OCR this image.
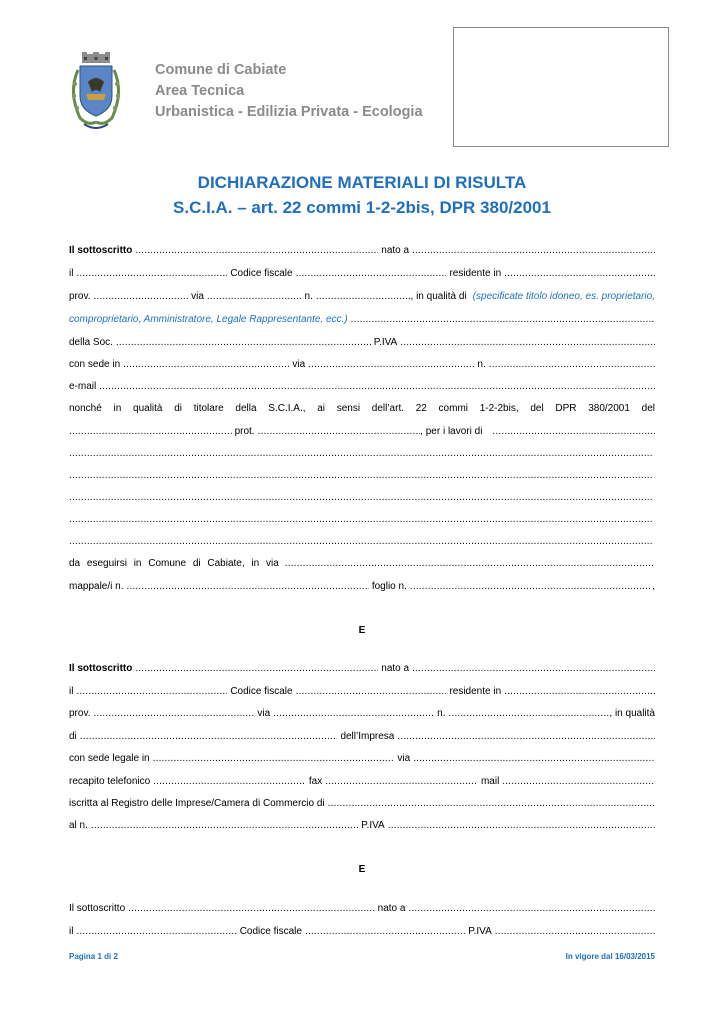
Comune di Cabiate
Area Tecnica
Urbanistica - Edilizia Privata - Ecologia
DICHIARAZIONE MATERIALI DI RISULTA
S.C.I.A. – art. 22 commi 1-2-2bis, DPR 380/2001
Il sottoscritto .....	nato a
.....
il .....	Codice fiscale .....	residente in
.....
prov. .....	via .....	n. .....	, in qualità di (specificate titolo idoneo, es. proprietario,
comproprietario, Amministratore, Legale Rappresentante, ecc.)
.....
della Soc. .....	P.IVA
.....
con sede in .....	via .....	n.
.....
e-mail
.....
nonché in qualità di titolare della S.C.I.A., ai sensi dell’art. 22 commi 1-2-2bis, del DPR 380/2001 del
.....
prot. .....	, per i lavori di
.....
.....
.....
.....
.....
.....
da eseguirsi in Comune di Cabiate, in via
.....
mappale/i n. .....	foglio n. .....	,
E
Il sottoscritto .....	nato a
.....
il .....	Codice fiscale .....	residente in
.....
prov. .....	via .....	n. .....	, in qualità
di .....	dell’Impresa
.....
con sede legale in .....	via
.....
recapito telefonico .....	fax .....	mail
.....
iscritta al Registro delle Imprese/Camera di Commercio di
.....
al n. .....	P.IVA
.....
E
Il sottoscritto .....	nato a
.....
il .....	Codice fiscale .....	P.IVA
.....
Pagina 1 di 2	In vigore dal 16/03/2015
